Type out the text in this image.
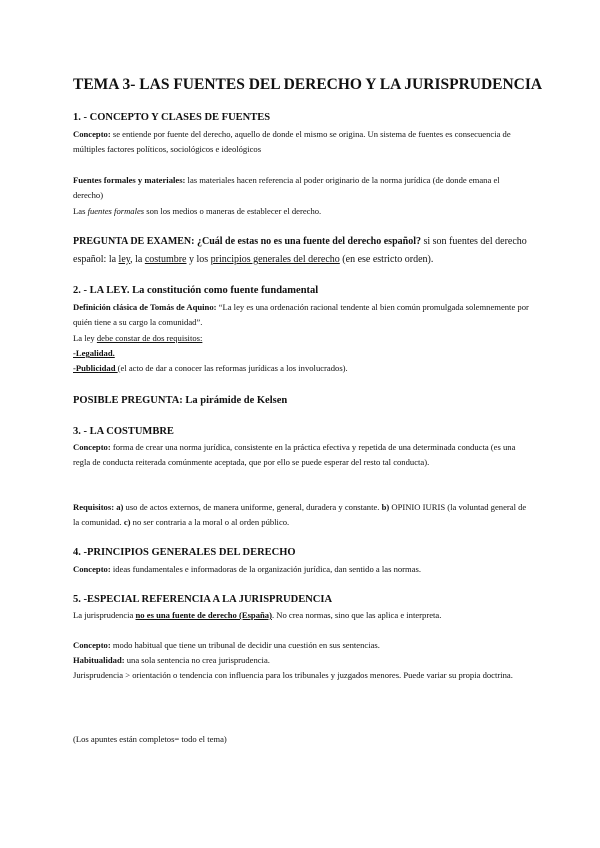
TEMA 3- LAS FUENTES DEL DERECHO Y LA JURISPRUDENCIA
1. - CONCEPTO Y CLASES DE FUENTES

Concepto: se entiende por fuente del derecho, aquello de donde el mismo se origina. Un sistema de fuentes es consecuencia de múltiples factores políticos, sociológicos e ideológicos

Fuentes formales y materiales: las materiales hacen referencia al poder originario de la norma jurídica (de donde emana el derecho)

Las fuentes formales son los medios o maneras de establecer el derecho.

PREGUNTA DE EXAMEN: ¿Cuál de estas no es una fuente del derecho español? si son fuentes del derecho español: la ley, la costumbre y los principios generales del derecho (en ese estricto orden).

2. - LA LEY. La constitución como fuente fundamental

Definición clásica de Tomás de Aquino: “La ley es una ordenación racional tendente al bien común promulgada solemnemente por quién tiene a su cargo la comunidad”.

La ley debe constar de dos requisitos:
-Legalidad.
-Publicidad (el acto de dar a conocer las reformas jurídicas a los involucrados).

POSIBLE PREGUNTA: La pirámide de Kelsen
3. - LA COSTUMBRE

Concepto: forma de crear una norma jurídica, consistente en la práctica efectiva y repetida de una determinada conducta (es una regla de conducta reiterada comúnmente aceptada, que por ello se puede esperar del resto tal conducta).

Requisitos: a) uso de actos externos, de manera uniforme, general, duradera y constante. b) OPINIO IURIS (la voluntad general de la comunidad. c) no ser contraria a la moral o al orden público.

4. -PRINCIPIOS GENERALES DEL DERECHO

Concepto: ideas fundamentales e informadoras de la organización jurídica, dan sentido a las normas.

5. -ESPECIAL REFERENCIA A LA JURISPRUDENCIA

La jurisprudencia no es una fuente de derecho (España). No crea normas, sino que las aplica e interpreta.

Concepto: modo habitual que tiene un tribunal de decidir una cuestión en sus sentencias.
Habitualidad: una sola sentencia no crea jurisprudencia.
Jurisprudencia > orientación o tendencia con influencia para los tribunales y juzgados menores. Puede variar su propia doctrina.

(Los apuntes están completos= todo el tema)
